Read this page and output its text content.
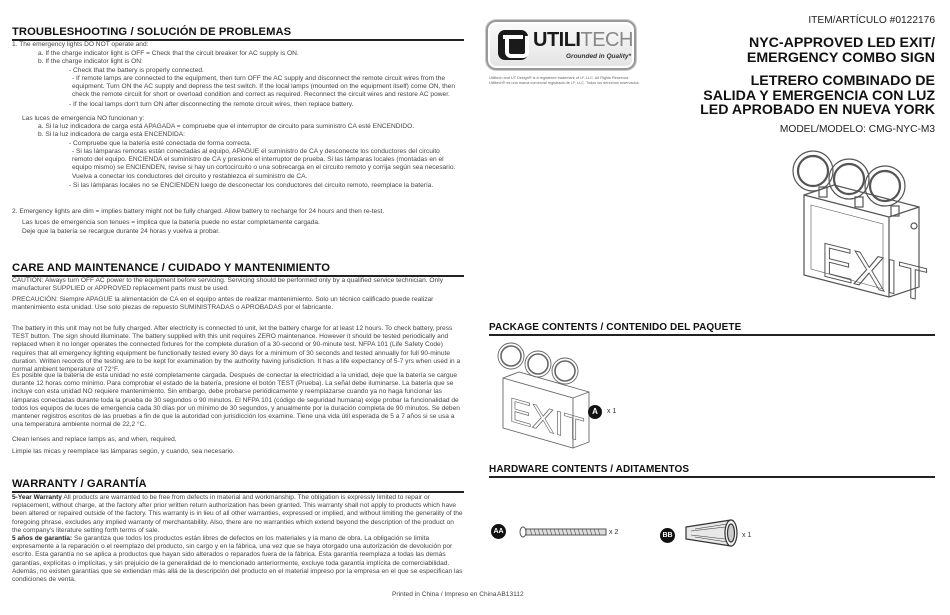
TROUBLESHOOTING / SOLUCIÓN DE PROBLEMAS
1. The emergency lights DO NOT operate and:
a. If the charge indicator light is OFF = Check that the circuit breaker for AC supply is ON.
b. If the charge indicator light is ON:
- Check that the battery is properly connected.
- If remote lamps are connected to the equipment, then turn OFF the AC supply and disconnect the remote circuit wires from the equipment. Turn ON the AC supply and depress the test switch. If the local lamps (mounted on the equipment itself) come ON, then check the remote circuit for short or overload condition and correct as required. Reconnect the circuit wires and restore AC power.
- If the local lamps don't turn ON after disconnecting the remote circuit wires, then replace battery.
Las luces de emergencia NO funcionan y:
a. Si la luz indicadora de carga está APAGADA = compruebe que el interruptor de circuito para suministro CA esté ENCENDIDO.
b. Si la luz indicadora de carga está ENCENDIDA:
- Compruebe que la batería esté conectada de forma correcta.
- Si las lámparas remotas están conectadas al equipo, APAGUE el suministro de CA y desconecte los conductores del circuito remoto del equipo. ENCIENDA el suministro de CA y presione el interruptor de prueba. Si las lámparas locales (montadas en el equipo mismo) se ENCIENDEN, revise si hay un cortocircuito o una sobrecarga en el circuito remoto y corrija según sea necesario. Vuelva a conectar los conductores del circuito y restablezca el suministro de CA.
- Si las lámparas locales no se ENCIENDEN luego de desconectar los conductores del circuito remoto, reemplace la batería.
2. Emergency lights are dim = implies battery might not be fully charged. Allow battery to recharge for 24 hours and then re-test.
Las luces de emergencia son tenues = implica que la batería puede no estar completamente cargada.
Deje que la batería se recargue durante 24 horas y vuelva a probar.
CARE AND MAINTENANCE / CUIDADO Y MANTENIMIENTO
CAUTION: Always turn OFF AC power to the equipment before servicing. Servicing should be performed only by a qualified service technician. Only manufacturer SUPPLIED or APPROVED replacement parts must be used.
PRECAUCIÓN: Siempre APAGUE la alimentación de CA en el equipo antes de realizar mantenimiento. Solo un técnico calificado puede realizar mantenimiento esta unidad. Use solo piezas de repuesto SUMINISTRADAS o APROBADAS por el fabricante.
The battery in this unit may not be fully charged. After electricity is connected to unit, let the battery charge for at least 12 hours. To check battery, press TEST button. The sign should illuminate. The battery supplied with this unit requires ZERO maintenance. However it should be tested periodically and replaced when it no longer operates the connected fixtures for the complete duration of a 30-second or 90-minute test. NFPA 101 (Life Safety Code) requires that all emergency lighting equipment be functionally tested every 30 days for a minimum of 30 seconds and tested annually for full 90-minute duration. Written records of the testing are to be kept for examination by the authority having jurisdiction. It has a life expectancy of 5-7 yrs when used in a normal ambient temperature of 72°F.
Es posible que la batería de esta unidad no esté completamente cargada. Después de conectar la electricidad a la unidad, deje que la batería se cargue durante 12 horas como mínimo. Para comprobar el estado de la batería, presione el botón TEST (Prueba). La señal debe iluminarse. La batería que se incluye con esta unidad NO requiere mantenimiento. Sin embargo, debe probarse periódicamente y reemplazarse cuando ya no haga funcionar las lámparas conectadas durante toda la prueba de 30 segundos o 90 minutos. El NFPA 101 (código de seguridad humana) exige probar la funcionalidad de todos los equipos de luces de emergencia cada 30 días por un mínimo de 30 segundos, y anualmente por la duración completa de 90 minutos. Se deben mantener registros escritos de las pruebas a fin de que la autoridad con jurisdicción los examine. Tiene una vida útil esperada de 5 a 7 años si se usa a una temperatura ambiente normal de 22,2 °C.
Clean lenses and replace lamps as, and when, required.
Limpie las micas y reemplace las lámparas según, y cuando, sea necesario.
WARRANTY / GARANTÍA
5-Year Warranty All products are warranted to be free from defects in material and workmanship. The obligation is expressly limited to repair or replacement, without charge, at the factory after prior written return authorization has been granted. This warranty shall not apply to products which have been altered or repaired outside of the factory. This warranty is in lieu of all other warranties, expressed or implied, and without limiting the generality of the foregoing phrase, excludes any implied warranty of merchantability. Also, there are no warranties which extend beyond the description of the product on the company's literature setting forth terms of sale.
5 años de garantía: Se garantiza que todos los productos están libres de defectos en los materiales y la mano de obra. La obligación se limita expresamente a la reparación o el reemplazo del producto, sin cargo y en la fábrica, una vez que se haya otorgado una autorización de devolución por escrito. Esta garantía no se aplica a productos que hayan sido alterados o reparados fuera de la fábrica. Esta garantía reemplaza a todas las demás garantías, explícitas o implícitas, y sin prejuicio de la generalidad de lo mencionado anteriormente, excluye toda garantía implícita de comerciabilidad. Además, no existen garantías que se extiendan más allá de la descripción del producto en el material impreso por la empresa en el que se especifican las condiciones de venta.
Printed in China / Impreso en China
UTILITECH
Grounded in Quality*
Utilitech and UT Design® is a registered trademark of LF, LLC. All Rights Reserved.
Utilitech® es una marca comercial registrada de LF, LLC. Todos los derechos reservados.
ITEM/ARTÍCULO #0122176
NYC-APPROVED LED EXIT/
EMERGENCY COMBO SIGN
LETRERO COMBINADO DE
SALIDA Y EMERGENCIA CON LUZ
LED APROBADO EN NUEVA YORK
MODEL/MODELO: CMG-NYC-M3
EXIT
PACKAGE CONTENTS / CONTENIDO DEL PAQUETE
EXIT A	x 1
HARDWARE CONTENTS / ADITAMENTOS
AA	x 2	BB	x 1
AB13112
